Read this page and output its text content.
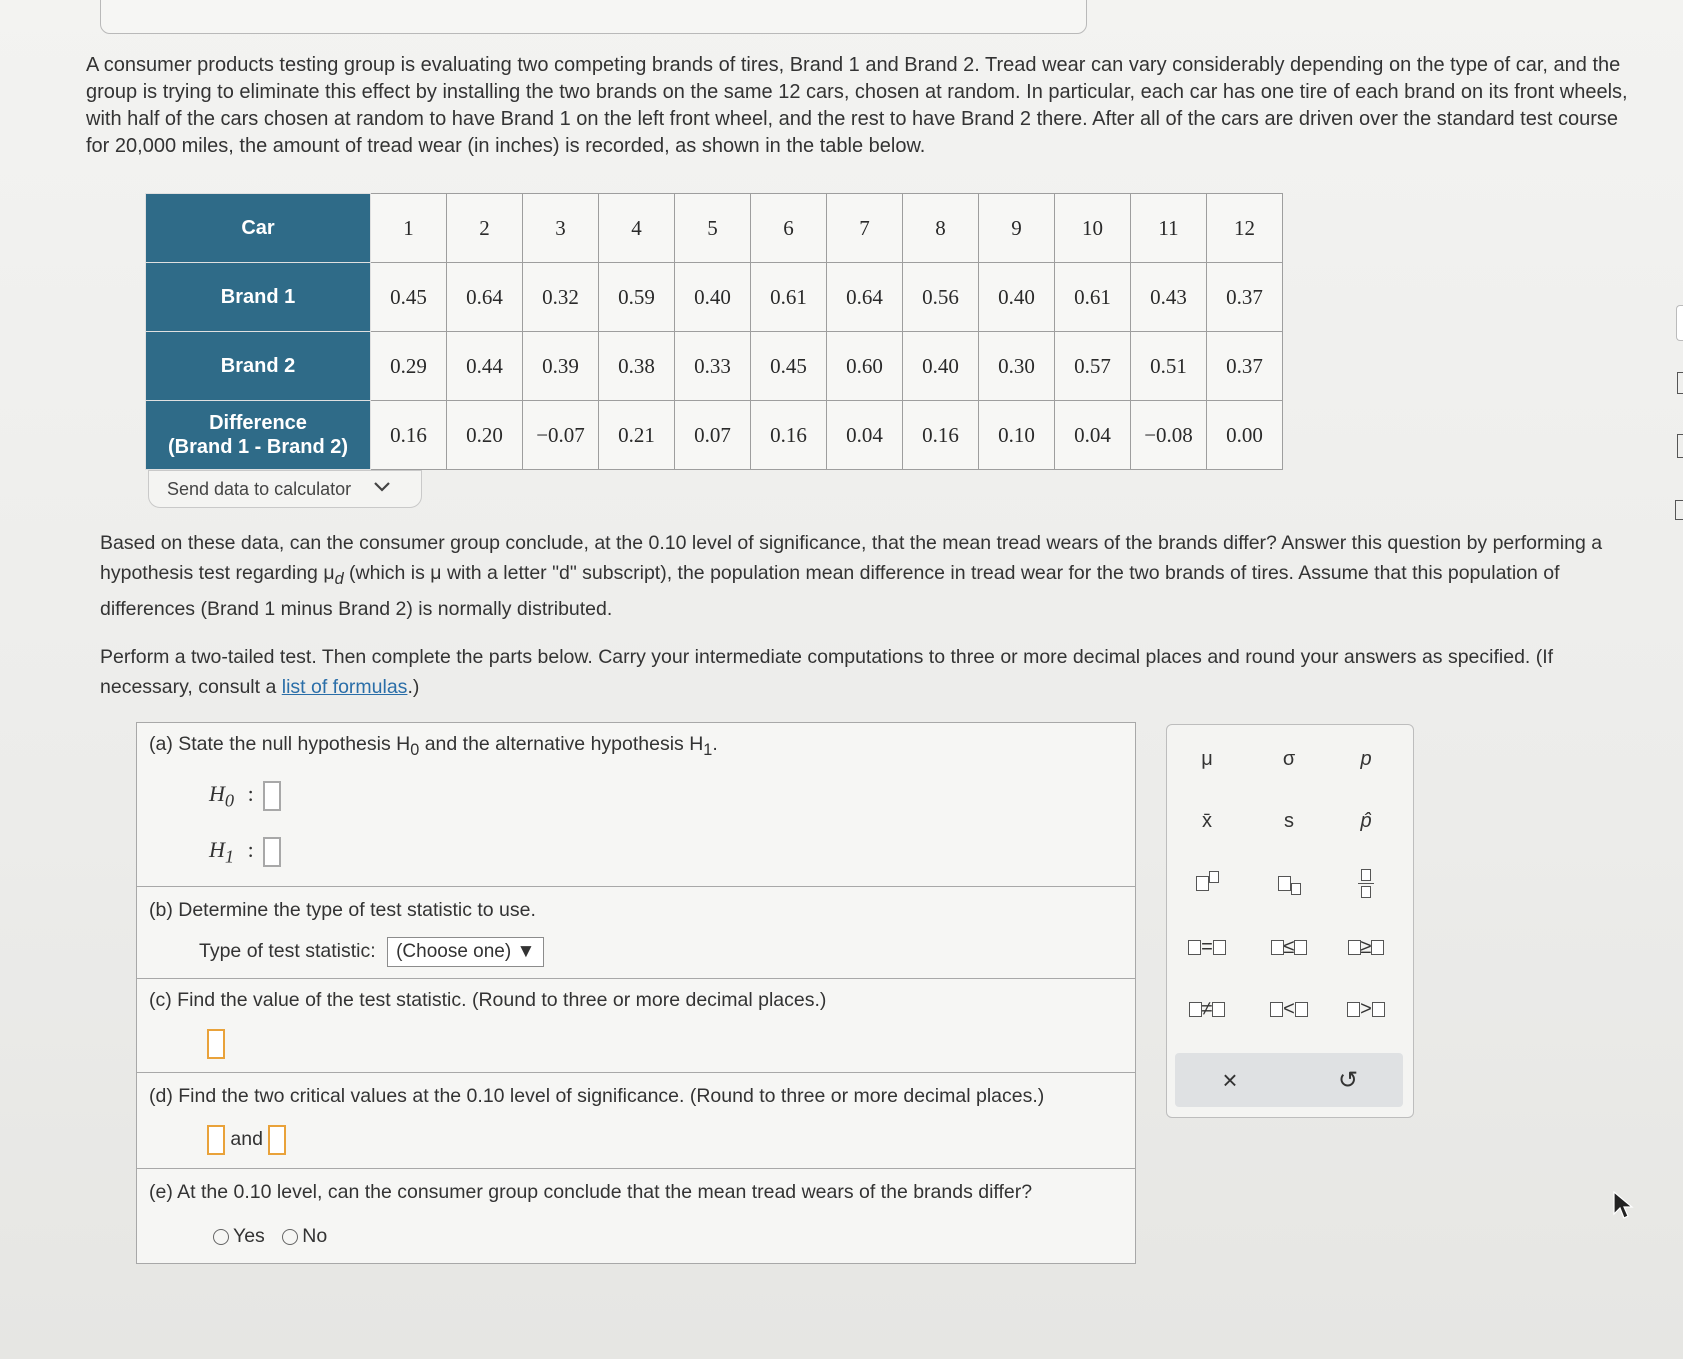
A consumer products testing group is evaluating two competing brands of tires, Brand 1 and Brand 2. Tread wear can vary considerably depending on the type of car, and the group is trying to eliminate this effect by installing the two brands on the same 12 cars, chosen at random. In particular, each car has one tire of each brand on its front wheels, with half of the cars chosen at random to have Brand 1 on the left front wheel, and the rest to have Brand 2 there. After all of the cars are driven over the standard test course for 20,000 miles, the amount of tread wear (in inches) is recorded, as shown in the table below.
Car	1	2	3	4	5	6	7	8	9	10	11	12
Brand 1	0.45	0.64	0.32	0.59	0.40	0.61	0.64	0.56	0.40	0.61	0.43	0.37
Brand 2	0.29	0.44	0.39	0.38	0.33	0.45	0.60	0.40	0.30	0.57	0.51	0.37
Difference
(Brand 1 - Brand 2)	0.16	0.20	−0.07	0.21	0.07	0.16	0.04	0.16	0.10	0.04	−0.08	0.00
Send data to calculator
Based on these data, can the consumer group conclude, at the 0.10 level of significance, that the mean tread wears of the brands differ? Answer this question by performing a hypothesis test regarding $\mu_d$ (which is μ with a letter "d" subscript), the population mean difference in tread wear for the two brands of tires. Assume that this population of differences (Brand 1 minus Brand 2) is normally distributed.
Perform a two-tailed test. Then complete the parts below. Carry your intermediate computations to three or more decimal places and round your answers as specified. (If necessary, consult a list of formulas.)
(a) State the null hypothesis $H_0$ and the alternative hypothesis $H_1$.
$H_0$ :
$H_1$ :
(b) Determine the type of test statistic to use.
Type of test statistic: (Choose one) ▼
(c) Find the value of the test statistic. (Round to three or more decimal places.)
(d) Find the two critical values at the 0.10 level of significance. (Round to three or more decimal places.)
and
(e) At the 0.10 level, can the consumer group conclude that the mean tread wears of the brands differ?
Yes No
μ	σ	p
x̄	s	p̂
=	≤	≥
≠	<	>
×	↺
